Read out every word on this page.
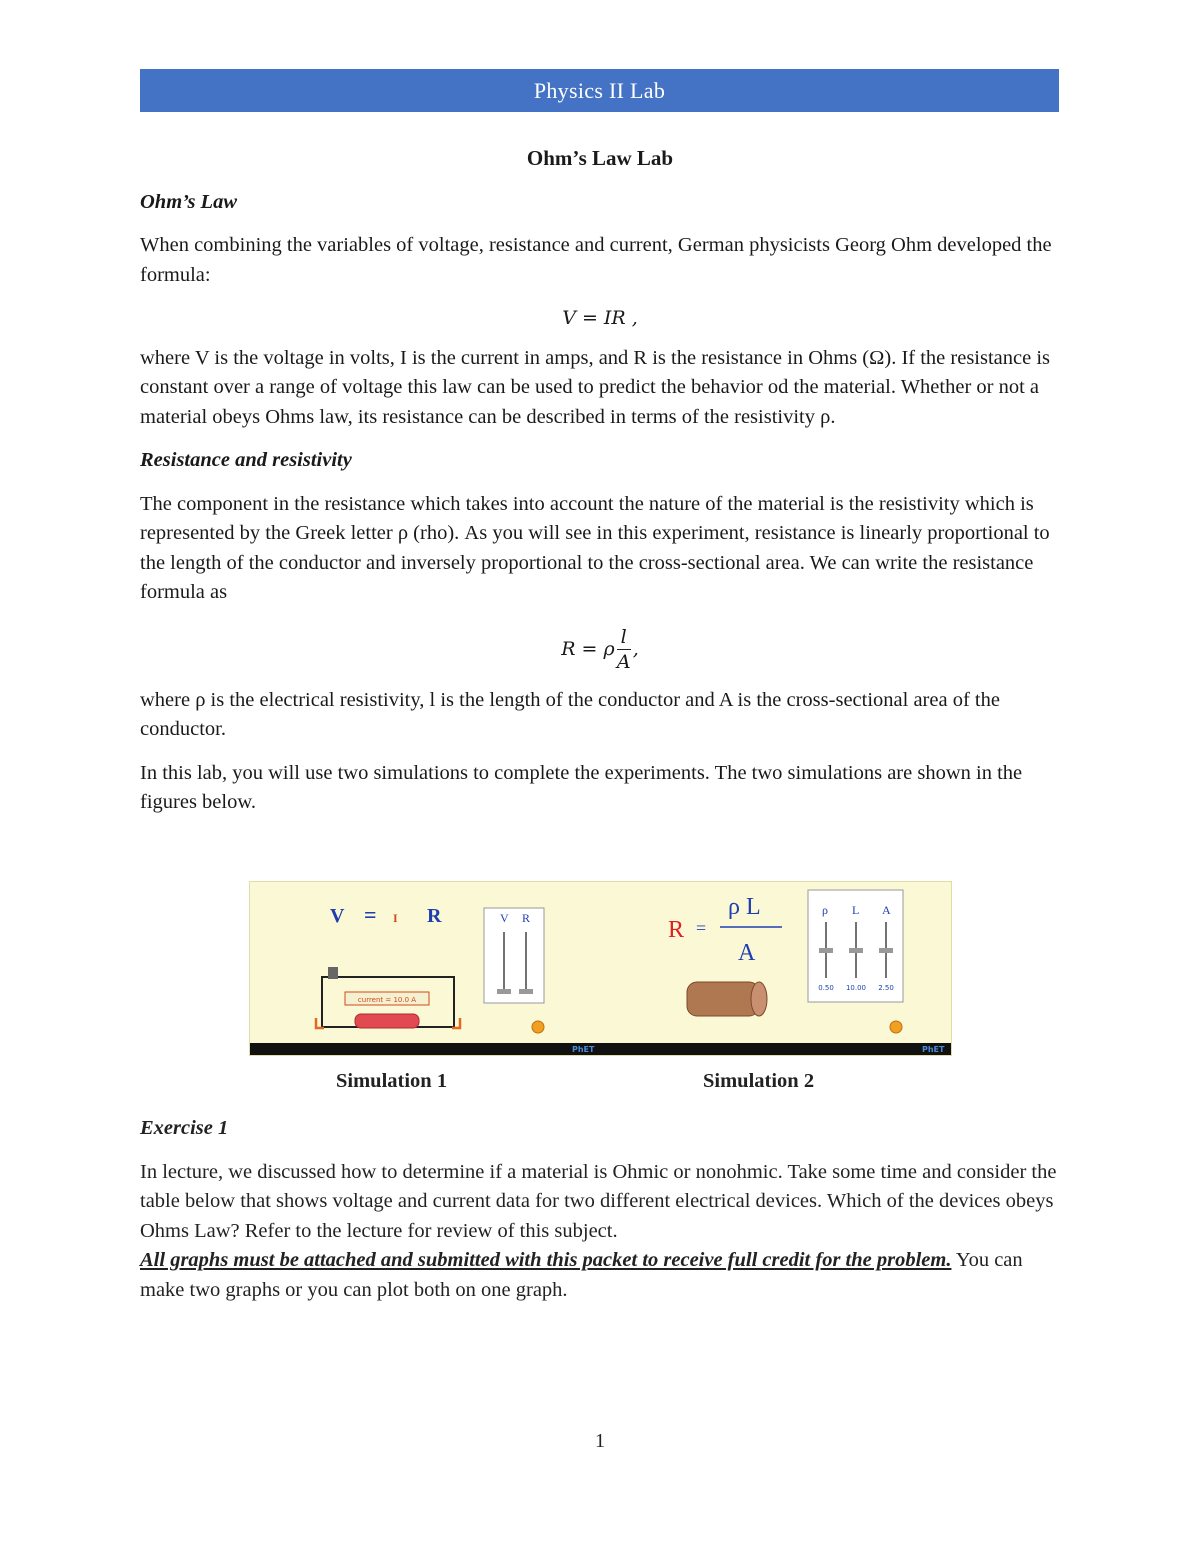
Physics II Lab
Ohm’s Law Lab
Ohm’s Law

When combining the variables of voltage, resistance and current, German physicists Georg Ohm developed the formula:

V = IR ,

where V is the voltage in volts, I is the current in amps, and R is the resistance in Ohms (Ω). If the resistance is constant over a range of voltage this law can be used to predict the behavior od the material. Whether or not a material obeys Ohms law, its resistance can be described in terms of the resistivity ρ.

Resistance and resistivity

The component in the resistance which takes into account the nature of the material is the resistivity which is represented by the Greek letter ρ (rho). As you will see in this experiment, resistance is linearly proportional to the length of the conductor and inversely proportional to the cross-sectional area. We can write the resistance formula as

R = ρ $\frac{l}{A}$ ,

where ρ is the electrical resistivity, l is the length of the conductor and A is the cross-sectional area of the conductor.

In this lab, you will use two simulations to complete the experiments. The two simulations are shown in the figures below.

V = I R
current = 10.0 A
V R	R =
ρ L
A
ρ L A
0.50 10.00 2.50
PhET	PhET
Simulation 1	Simulation 2
Exercise 1

In lecture, we discussed how to determine if a material is Ohmic or nonohmic. Take some time and consider the table below that shows voltage and current data for two different electrical devices. Which of the devices obeys Ohms Law? Refer to the lecture for review of this subject.

All graphs must be attached and submitted with this packet to receive full credit for the problem. You can make two graphs or you can plot both on one graph.

1
